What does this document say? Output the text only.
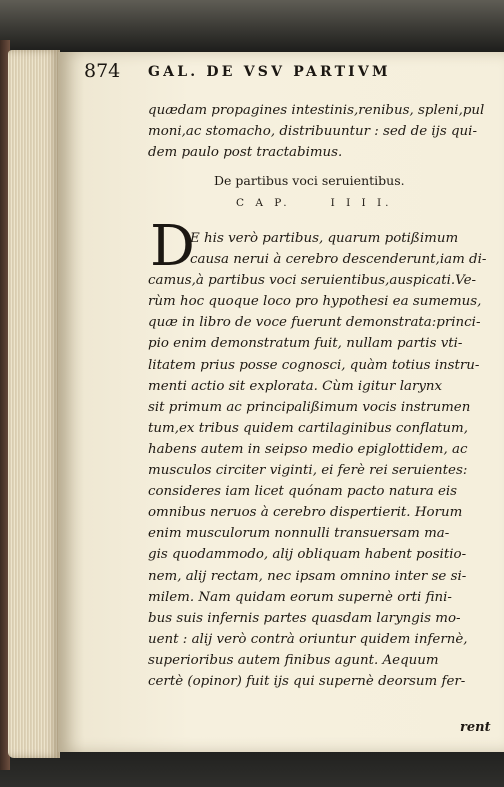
874 GAL. DE VSV PARTIVM
quædam propagines intestinis,renibus, spleni,pul
moni,ac stomacho, distribuuntur : sed de ijs qui-
dem paulo post tractabimus.
De partibus voci seruientibus.
C A P.	I I I I.
D
E his verò partibus, quarum potißimum
causa nerui à cerebro descenderunt,iam di-
camus,à partibus voci seruientibus,auspicati.Ve-
rùm hoc quoque loco pro hypothesi ea sumemus,
quæ in libro de voce fuerunt demonstrata:princi-
pio enim demonstratum fuit, nullam partis vti-
litatem prius posse cognosci, quàm totius instru-
menti actio sit explorata. Cùm igitur larynx
sit primum ac principalißimum vocis instrumen
tum,ex tribus quidem cartilaginibus conflatum,
habens autem in seipso medio epiglottidem, ac
musculos circiter viginti, ei ferè rei seruientes:
consideres iam licet quónam pacto natura eis
omnibus neruos à cerebro dispertierit. Horum
enim musculorum nonnulli transuersam ma-
gis quodammodo, alij obliquam habent positio-
nem, alij rectam, nec ipsam omnino inter se si-
milem. Nam quidam eorum supernè orti fini-
bus suis infernis partes quasdam laryngis mo-
uent : alij verò contrà oriuntur quidem infernè,
superioribus autem finibus agunt. Aequum
certè (opinor) fuit ijs qui supernè deorsum fer-
rent
